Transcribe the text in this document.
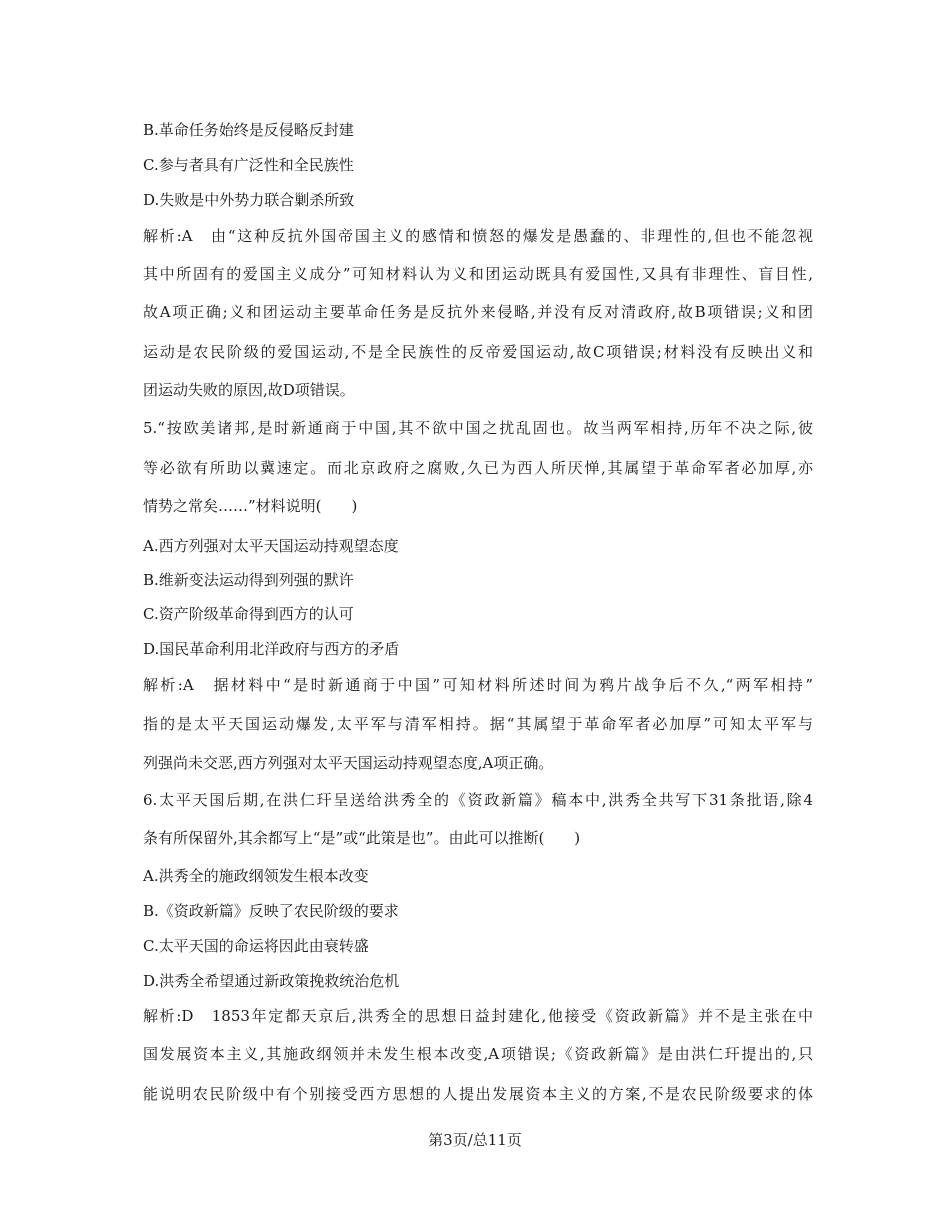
B.革命任务始终是反侵略反封建
C.参与者具有广泛性和全民族性
D.失败是中外势力联合剿杀所致
解析:A　由“这种反抗外国帝国主义的感情和愤怒的爆发是愚蠢的、非理性的,但也不能忽视
其中所固有的爱国主义成分”可知材料认为义和团运动既具有爱国性,又具有非理性、盲目性,
故A项正确;义和团运动主要革命任务是反抗外来侵略,并没有反对清政府,故B项错误;义和团
运动是农民阶级的爱国运动,不是全民族性的反帝爱国运动,故C项错误;材料没有反映出义和
团运动失败的原因,故D项错误。
5.“按欧美诸邦,是时新通商于中国,其不欲中国之扰乱固也。故当两军相持,历年不决之际,彼
等必欲有所助以冀速定。而北京政府之腐败,久已为西人所厌惮,其属望于革命军者必加厚,亦
情势之常矣……”材料说明(　　)
A.西方列强对太平天国运动持观望态度
B.维新变法运动得到列强的默许
C.资产阶级革命得到西方的认可
D.国民革命利用北洋政府与西方的矛盾
解析:A　据材料中“是时新通商于中国”可知材料所述时间为鸦片战争后不久,“两军相持”
指的是太平天国运动爆发,太平军与清军相持。据“其属望于革命军者必加厚”可知太平军与
列强尚未交恶,西方列强对太平天国运动持观望态度,A项正确。
6.太平天国后期,在洪仁玕呈送给洪秀全的《资政新篇》稿本中,洪秀全共写下31条批语,除4
条有所保留外,其余都写上“是”或“此策是也”。由此可以推断(　　)
A.洪秀全的施政纲领发生根本改变
B.《资政新篇》反映了农民阶级的要求
C.太平天国的命运将因此由衰转盛
D.洪秀全希望通过新政策挽救统治危机
解析:D　1853年定都天京后,洪秀全的思想日益封建化,他接受《资政新篇》并不是主张在中
国发展资本主义,其施政纲领并未发生根本改变,A项错误;《资政新篇》是由洪仁玕提出的,只
能说明农民阶级中有个别接受西方思想的人提出发展资本主义的方案,不是农民阶级要求的体
第3页/总11页
